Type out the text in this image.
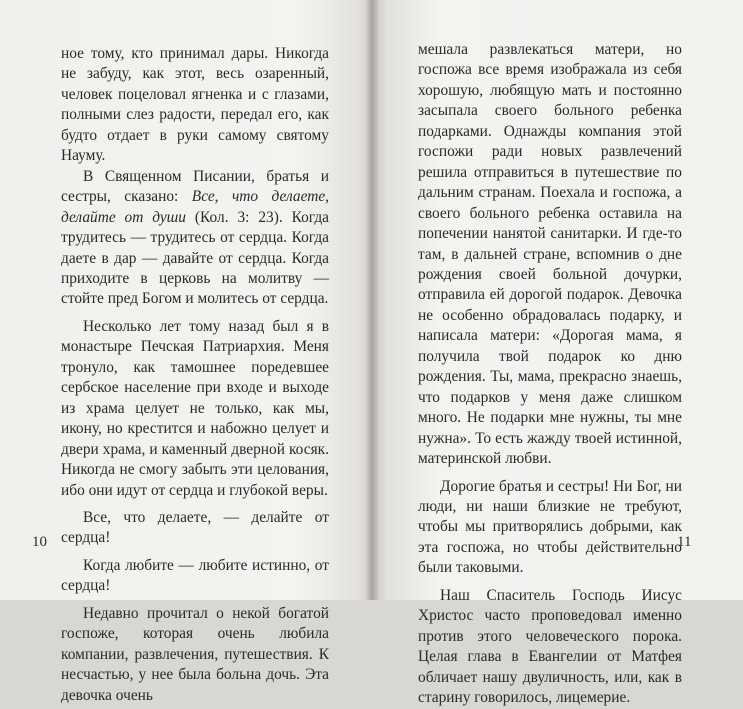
ное тому, кто принимал дары. Никогда не забуду, как этот, весь озаренный, человек поцеловал ягненка и с глазами, полными слез радости, передал его, как будто отдает в руки самому святому Науму.

В Священном Писании, братья и сестры, сказано: Все, что делаете, делайте от души (Кол. 3: 23). Когда трудитесь — трудитесь от сердца. Когда даете в дар — давайте от сердца. Когда приходите в церковь на молитву — стойте пред Богом и молитесь от сердца.

Несколько лет тому назад был я в монастыре Печская Патриархия. Меня тронуло, как тамошнее поредевшее сербское население при входе и выходе из храма целует не только, как мы, икону, но крестится и набожно целует и двери храма, и каменный дверной косяк. Никогда не смогу забыть эти целования, ибо они идут от сердца и глубокой веры.

Все, что делаете, — делайте от сердца!

Когда любите — любите истинно, от сердца!

Недавно прочитал о некой богатой госпоже, которая очень любила компании, развлечения, путешествия. К несчастью, у нее была больна дочь. Эта девочка очень

10

мешала развлекаться матери, но госпожа все время изображала из себя хорошую, любящую мать и постоянно засыпала своего больного ребенка подарками. Однажды компания этой госпожи ради новых развлечений решила отправиться в путешествие по дальним странам. Поехала и госпожа, а своего больного ребенка оставила на попечении нанятой санитарки. И где-то там, в дальней стране, вспомнив о дне рождения своей больной дочурки, отправила ей дорогой подарок. Девочка не особенно обрадовалась подарку, и написала матери: «Дорогая мама, я получила твой подарок ко дню рождения. Ты, мама, прекрасно знаешь, что подарков у меня даже слишком много. Не подарки мне нужны, ты мне нужна». То есть жажду твоей истинной, материнской любви.

Дорогие братья и сестры! Ни Бог, ни люди, ни наши близкие не требуют, чтобы мы притворялись добрыми, как эта госпожа, но чтобы действительно были таковыми.

Наш Спаситель Господь Иисус Христос часто проповедовал именно против этого человеческого порока. Целая глава в Евангелии от Матфея обличает нашу двуличность, или, как в старину говорилось, лицемерие.

11
